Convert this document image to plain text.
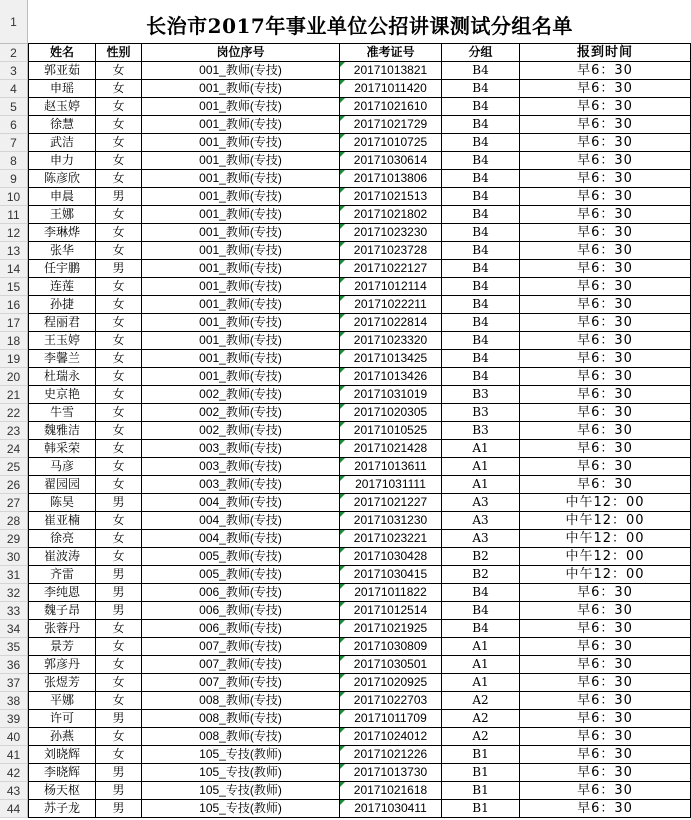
1	长治市2017年事业单位公招讲课测试分组名单
2	姓名	性别	岗位序号	准考证号	分组	报到时间
3	郭亚茹	女	001_教师(专技)	20171013821	B4	早6：30
4	申瑶	女	001_教师(专技)	20171011420	B4	早6：30
5	赵玉婷	女	001_教师(专技)	20171021610	B4	早6：30
6	徐慧	女	001_教师(专技)	20171021729	B4	早6：30
7	武洁	女	001_教师(专技)	20171010725	B4	早6：30
8	申力	女	001_教师(专技)	20171030614	B4	早6：30
9	陈彦欣	女	001_教师(专技)	20171013806	B4	早6：30
10	申晨	男	001_教师(专技)	20171021513	B4	早6：30
11	王娜	女	001_教师(专技)	20171021802	B4	早6：30
12	李琳烨	女	001_教师(专技)	20171023230	B4	早6：30
13	张华	女	001_教师(专技)	20171023728	B4	早6：30
14	任宇鹏	男	001_教师(专技)	20171022127	B4	早6：30
15	连莲	女	001_教师(专技)	20171012114	B4	早6：30
16	孙捷	女	001_教师(专技)	20171022211	B4	早6：30
17	程丽君	女	001_教师(专技)	20171022814	B4	早6：30
18	王玉婷	女	001_教师(专技)	20171023320	B4	早6：30
19	李馨兰	女	001_教师(专技)	20171013425	B4	早6：30
20	杜瑞永	女	001_教师(专技)	20171013426	B4	早6：30
21	史京艳	女	002_教师(专技)	20171031019	B3	早6：30
22	牛雪	女	002_教师(专技)	20171020305	B3	早6：30
23	魏雅洁	女	002_教师(专技)	20171010525	B3	早6：30
24	韩采荣	女	003_教师(专技)	20171021428	A1	早6：30
25	马彦	女	003_教师(专技)	20171013611	A1	早6：30
26	翟园园	女	003_教师(专技)	20171031111	A1	早6：30
27	陈昊	男	004_教师(专技)	20171021227	A3	中午12：00
28	崔亚楠	女	004_教师(专技)	20171031230	A3	中午12：00
29	徐亮	女	004_教师(专技)	20171023221	A3	中午12：00
30	崔波涛	女	005_教师(专技)	20171030428	B2	中午12：00
31	齐雷	男	005_教师(专技)	20171030415	B2	中午12：00
32	李纯恩	男	006_教师(专技)	20171011822	B4	早6：30
33	魏子昂	男	006_教师(专技)	20171012514	B4	早6：30
34	张蓉丹	女	006_教师(专技)	20171021925	B4	早6：30
35	景芳	女	007_教师(专技)	20171030809	A1	早6：30
36	郭彦丹	女	007_教师(专技)	20171030501	A1	早6：30
37	张煜芳	女	007_教师(专技)	20171020925	A1	早6：30
38	平娜	女	008_教师(专技)	20171022703	A2	早6：30
39	许可	男	008_教师(专技)	20171011709	A2	早6：30
40	孙燕	女	008_教师(专技)	20171024012	A2	早6：30
41	刘晓辉	女	105_专技(教师)	20171021226	B1	早6：30
42	李晓辉	男	105_专技(教师)	20171013730	B1	早6：30
43	杨天枢	男	105_专技(教师)	20171021618	B1	早6：30
44	苏子龙	男	105_专技(教师)	20171030411	B1	早6：30
